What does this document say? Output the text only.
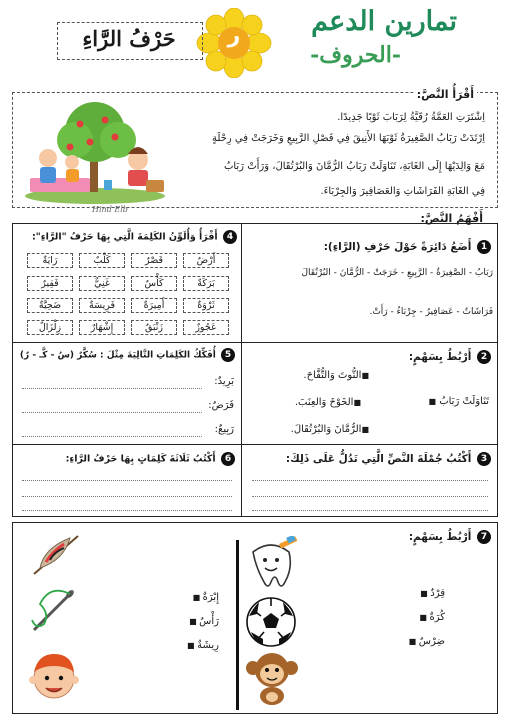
تمارين الدعم
-الحروف-
ر
حَرْفُ الرَّاءِ
أَقْرَأُ النَّصَّ:
اِشْتَرَتِ العَمَّةُ رُقَيَّةُ لِرَبَابَ ثَوْبًا جَدِيدًا.
اِرْتَدَتْ رَبَابُ الصَّغِيرَةُ ثَوْبَهَا الأَنِيقَ فِي فَصْلِ الرَّبِيعِ وَخَرَجَتْ فِي رِحْلَةٍ
مَعَ وَالِدَيْهَا إِلَى الغَابَةِ، تَنَاوَلَتْ رَبَابُ الرُّمَّانَ وَالبُرْتُقَالَ، وَرَأَتْ رَبَابُ
فِي الغَابَةِ الفَرَاشَاتِ وَالعَصَافِيرَ وَالجِرْبَاءَ.
Hind Elb
أَفْهَمُ النَّصَّ:
1 أَضَعُ دَائِرَةً حَوْلَ حَرْفِ (الرَّاءِ):
رَبَابُ - الصَّغِيرَةُ - الرَّبِيعِ - خَرَجَتْ - الرُّمَّانَ - البُرْتُقَالَ
فَرَاشَاتٌ - عَصَافِيرُ - جِرْبَاءُ - رَأَتْ.
4 أَقْرَأُ وَأُلَوِّنُ الكَلِمَةَ الَّتِي بِهَا حَرْفُ "الرَّاءِ":
أَرْضٌ
قَصْرٌ
كَلْبٌ
رَايَةٌ
بَرَكَةٌ
كَأْسٌ
غَنِيٌّ
فَقِيرٌ
ثَرْوَةٌ
أَمِيرَةٌ
فَرِيسَةٌ
ضَحِيَّةٌ
عَجُوزٌ
زَنْبَقٌ
إِشْهَارٌ
زِلْزَالٌ
2 أَرْبُطُ بِسَهْمٍ:
تَنَاوَلَتْ رَبَابُ ■
■التُّوتَ وَالتُّفَّاحَ.
■الخَوْخَ وَالعِنَبَ.
■الرُّمَّانَ وَالبُرْتُقَالَ.
5 أُفَكِّكُ الكَلِمَاتِ التَّالِيَةَ مِثْلَ : سُكَّرٌ (سُ - كَّـ - رٌ)
بَرِيدٌ:
فَرَضٌ:
رَبِيعٌ:
3 أَكْتُبُ جُمْلَةَ النَّصِّ الَّتِي تَدُلُّ عَلَى ذَلِكَ:
6 أَكْتُبُ ثَلَاثَةَ كَلِمَاتٍ بِهَا حَرْفُ الرَّاءِ:
7 أَرْبُطُ بِسَهْمٍ:
قِرْدٌ ■
كُرَةٌ ■
ضِرْسٌ ■
إِبْرَةٌ ■
رَأْسٌ ■
رِيشَةٌ ■
